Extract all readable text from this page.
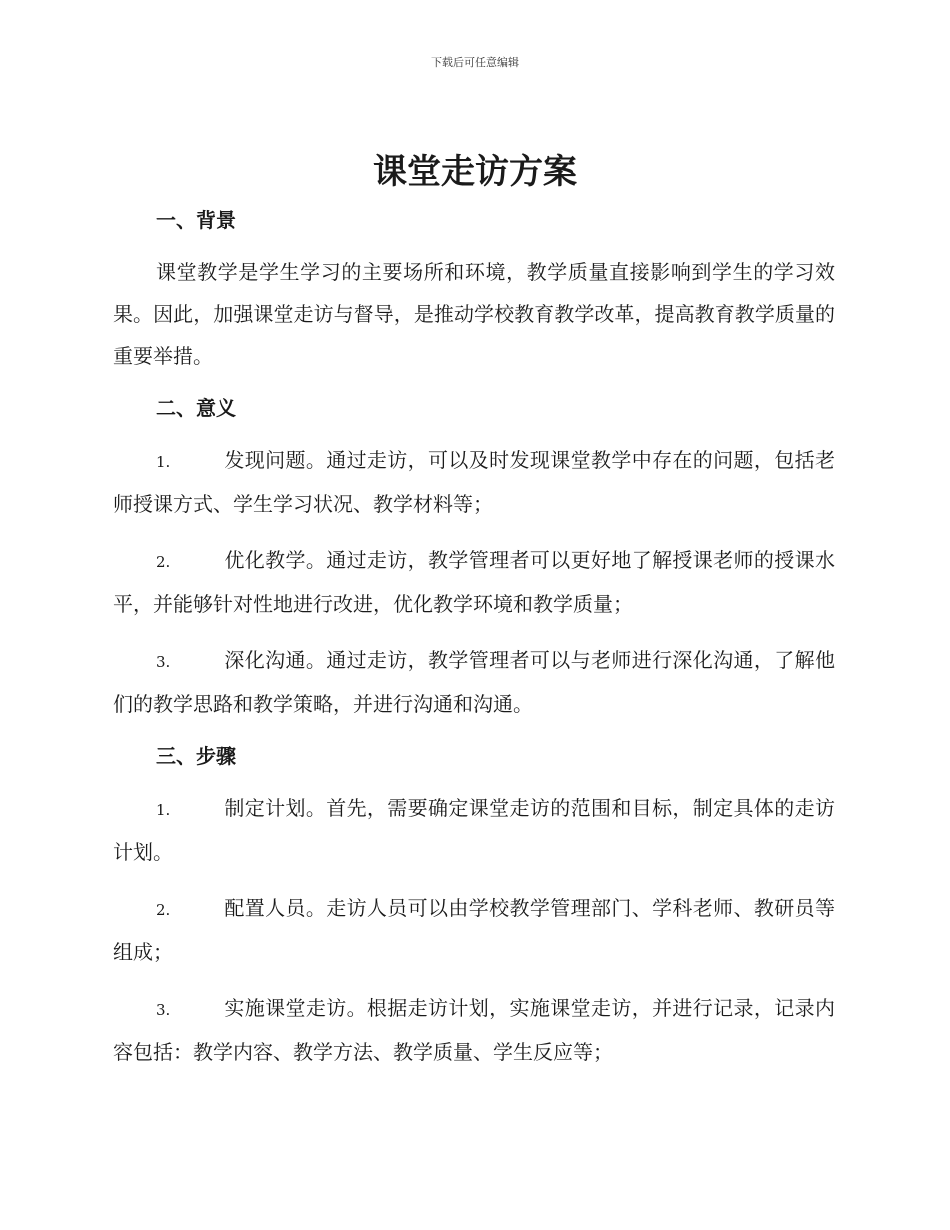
下载后可任意编辑
课堂走访方案
一、背景

课堂教学是学生学习的主要场所和环境，教学质量直接影响到学生的学习效果。因此，加强课堂走访与督导，是推动学校教育教学改革，提高教育教学质量的重要举措。

二、意义

1.	发现问题。通过走访，可以及时发现课堂教学中存在的问题，包括老师授课方式、学生学习状况、教学材料等；

2.	优化教学。通过走访，教学管理者可以更好地了解授课老师的授课水平，并能够针对性地进行改进，优化教学环境和教学质量；

3.	深化沟通。通过走访，教学管理者可以与老师进行深化沟通，了解他们的教学思路和教学策略，并进行沟通和沟通。

三、步骤

1.	制定计划。首先，需要确定课堂走访的范围和目标，制定具体的走访计划。

2.	配置人员。走访人员可以由学校教学管理部门、学科老师、教研员等组成；

3.	实施课堂走访。根据走访计划，实施课堂走访，并进行记录，记录内容包括：教学内容、教学方法、教学质量、学生反应等；
